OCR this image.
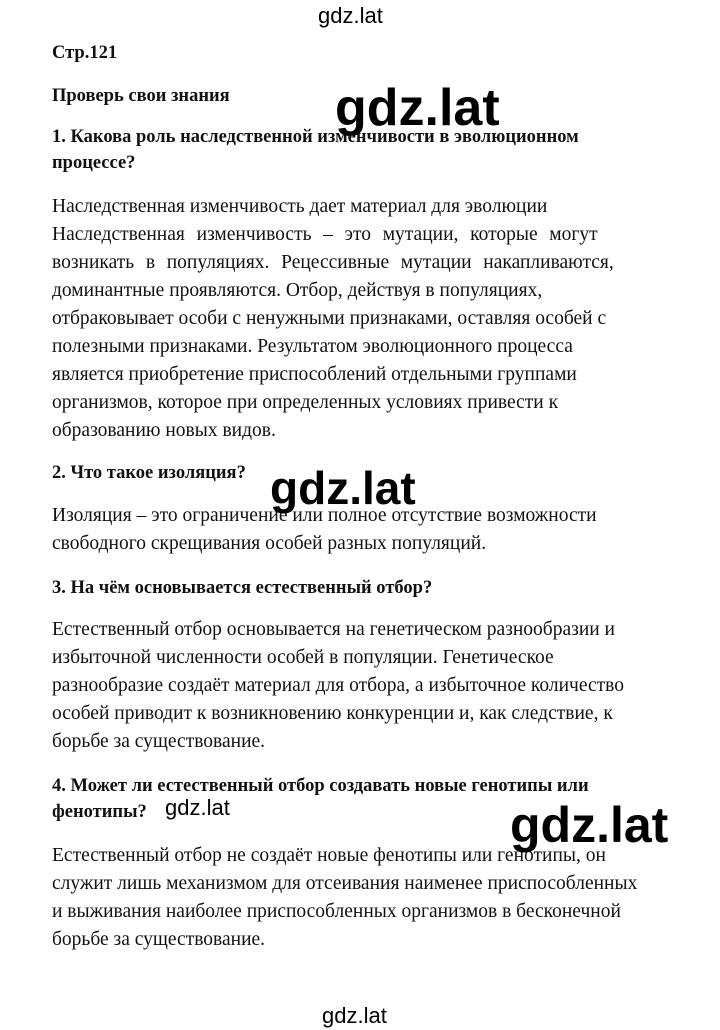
gdz.lat
Стр.121
Проверь свои знания
1. Какова роль наследственной изменчивости в эволюционном
процессе?
Наследственная изменчивость дает материал для эволюции
Наследственная изменчивость – это мутации, которые могут
возникать в популяциях. Рецессивные мутации накапливаются,
доминантные проявляются. Отбор, действуя в популяциях,
отбраковывает особи с ненужными признаками, оставляя особей с
полезными признаками. Результатом эволюционного процесса
является приобретение приспособлений отдельными группами
организмов, которое при определенных условиях привести к
образованию новых видов.
2. Что такое изоляция?
Изоляция – это ограничение или полное отсутствие возможности
свободного скрещивания особей разных популяций.
3. На чём основывается естественный отбор?
Естественный отбор основывается на генетическом разнообразии и
избыточной численности особей в популяции. Генетическое
разнообразие создаёт материал для отбора, а избыточное количество
особей приводит к возникновению конкуренции и, как следствие, к
борьбе за существование.
4. Может ли естественный отбор создавать новые генотипы или
фенотипы?
Естественный отбор не создаёт новые фенотипы или генотипы, он
служит лишь механизмом для отсеивания наименее приспособленных
и выживания наиболее приспособленных организмов в бесконечной
борьбе за существование.
gdz.lat
gdz.lat
gdz.lat	gdz.lat
gdz.lat
